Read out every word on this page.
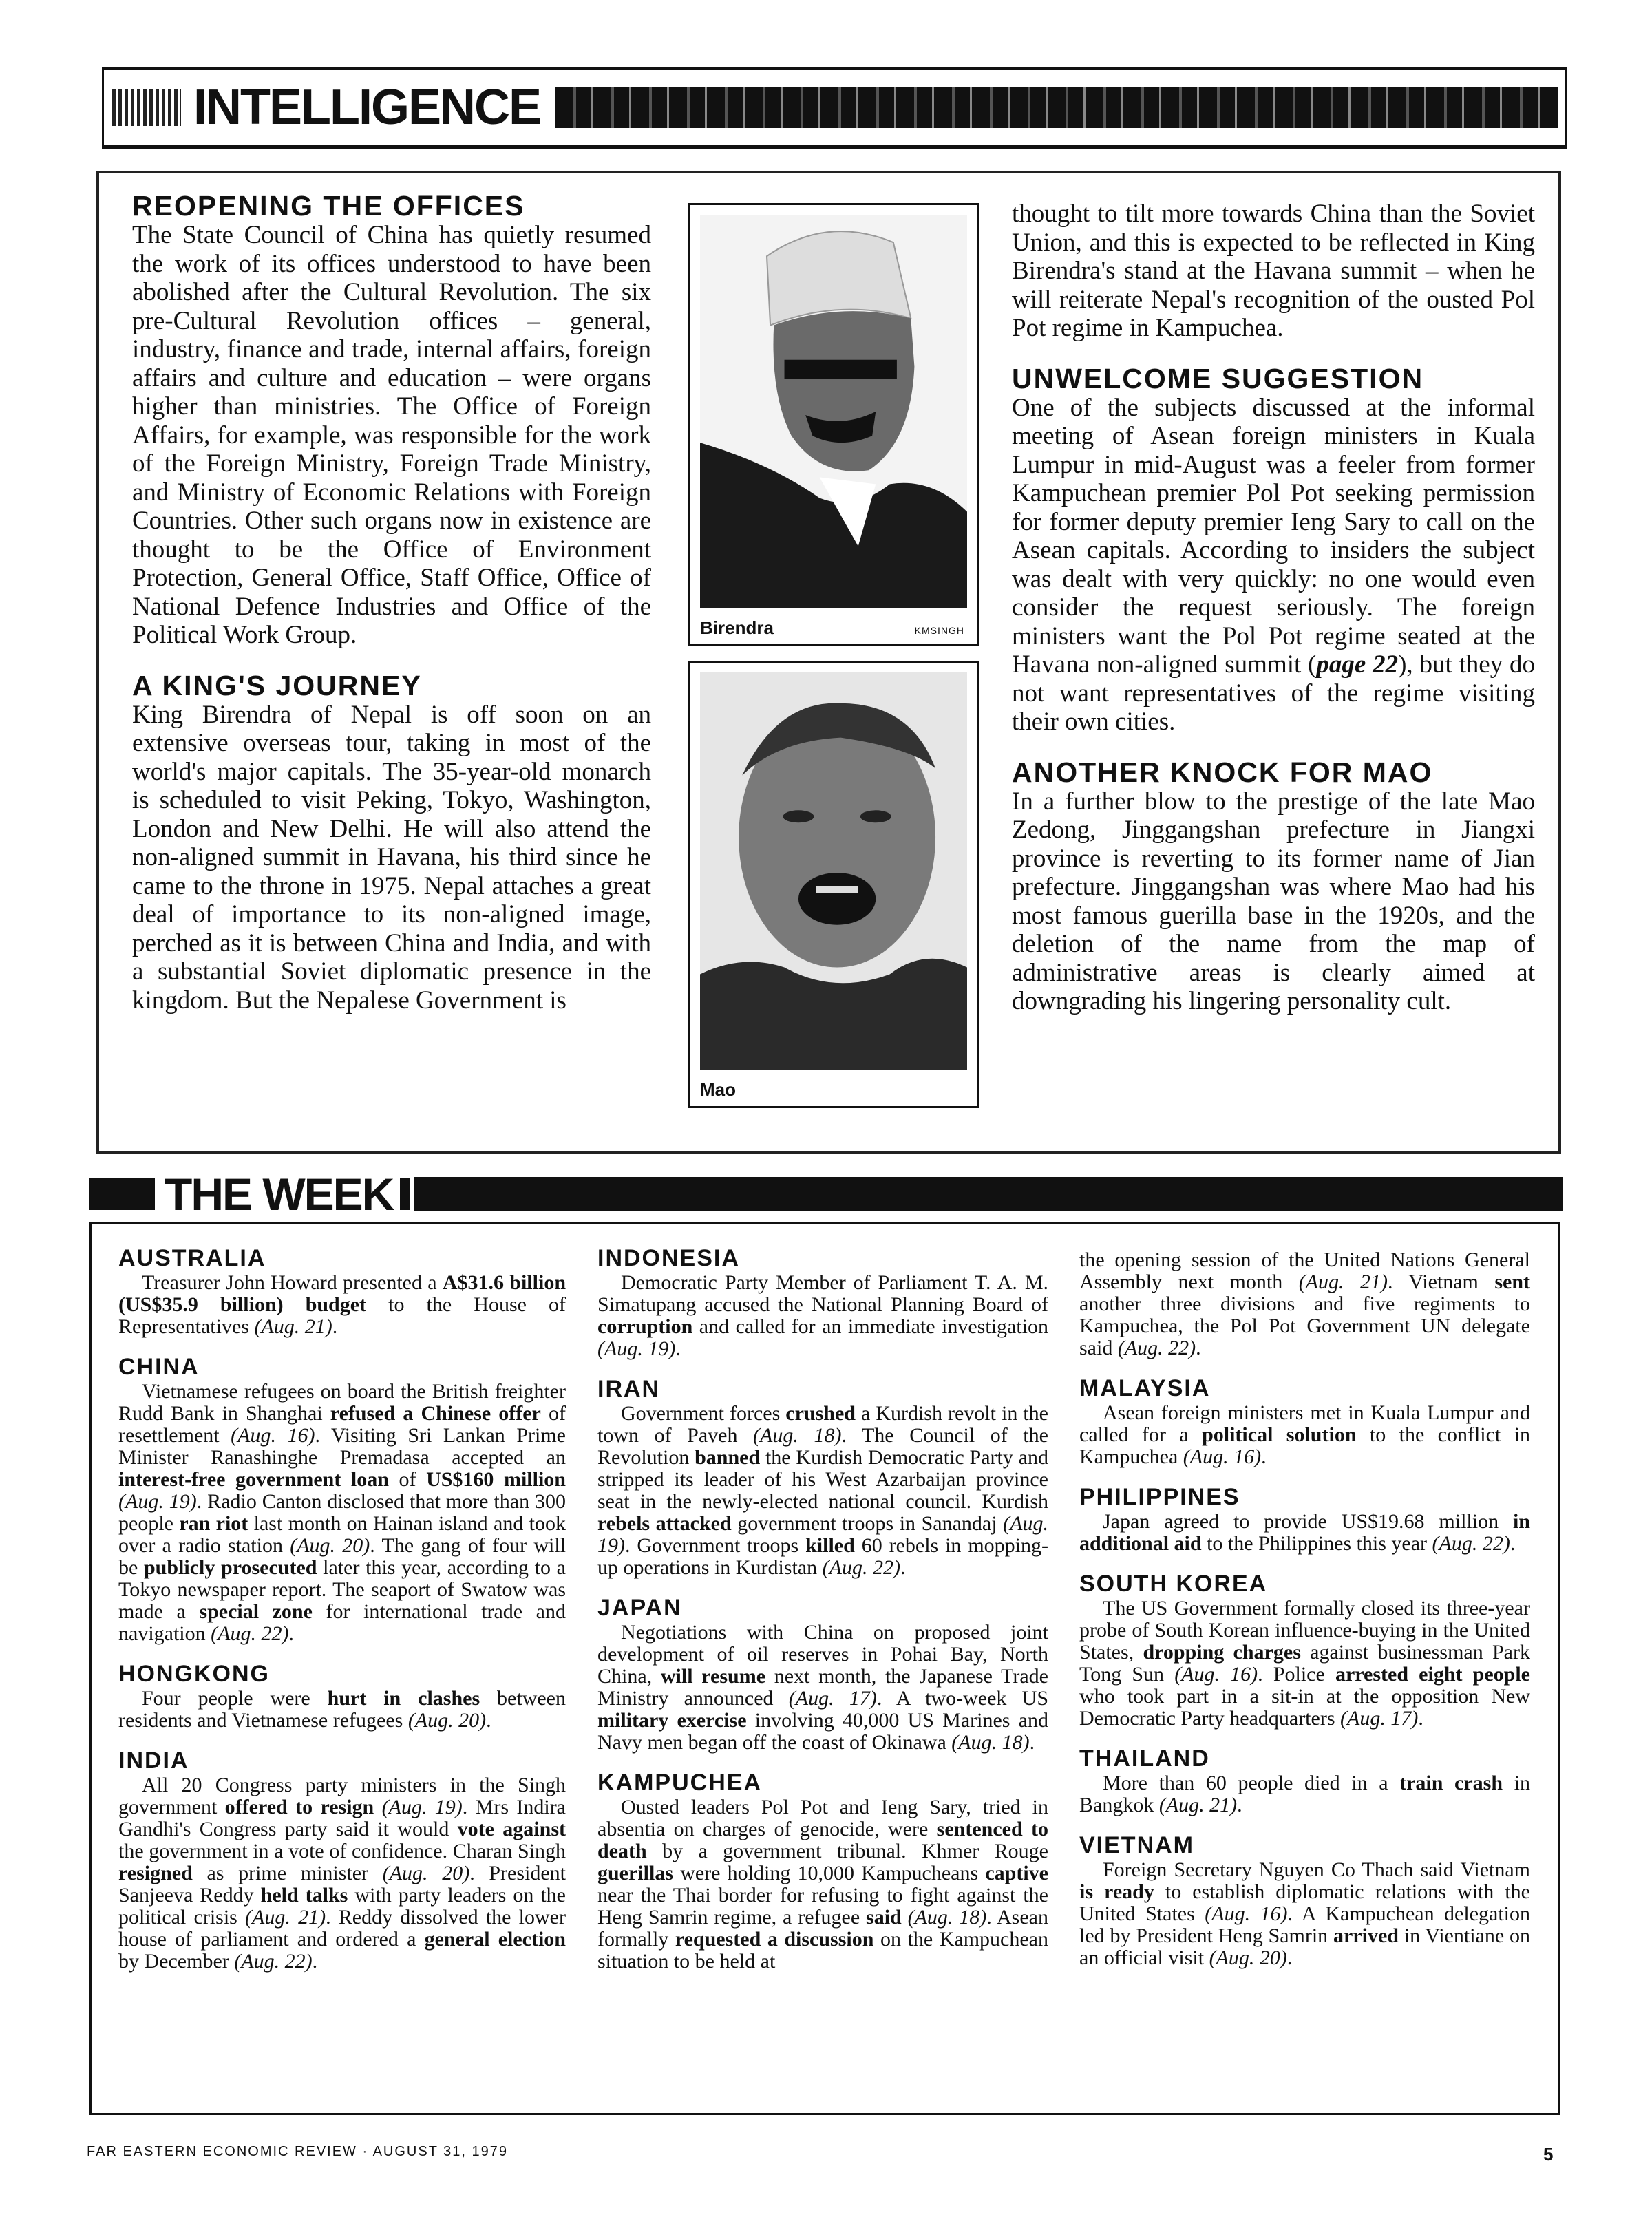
INTELLIGENCE
REOPENING THE OFFICES

The State Council of China has quietly resumed the work of its offices understood to have been abolished after the Cultural Revolution. The six pre-Cultural Revolution offices – general, industry, finance and trade, internal affairs, foreign affairs and culture and education – were organs higher than ministries. The Office of Foreign Affairs, for example, was responsible for the work of the Foreign Ministry, Foreign Trade Ministry, and Ministry of Economic Relations with Foreign Countries. Other such organs now in existence are thought to be the Office of Environment Protection, General Office, Staff Office, Office of National Defence Industries and Office of the Political Work Group.

A KING'S JOURNEY

King Birendra of Nepal is off soon on an extensive overseas tour, taking in most of the world's major capitals. The 35-year-old monarch is scheduled to visit Peking, Tokyo, Washington, London and New Delhi. He will also attend the non-aligned summit in Havana, his third since he came to the throne in 1975. Nepal attaches a great deal of importance to its non-aligned image, perched as it is between China and India, and with a substantial Soviet diplomatic presence in the kingdom. But the Nepalese Government is

Birendra	KMSINGH
Mao

thought to tilt more towards China than the Soviet Union, and this is expected to be reflected in King Birendra's stand at the Havana summit – when he will reiterate Nepal's recognition of the ousted Pol Pot regime in Kampuchea.

UNWELCOME SUGGESTION

One of the subjects discussed at the informal meeting of Asean foreign ministers in Kuala Lumpur in mid-August was a feeler from former Kampuchean premier Pol Pot seeking permission for former deputy premier Ieng Sary to call on the Asean capitals. According to insiders the subject was dealt with very quickly: no one would even consider the request seriously. The foreign ministers want the Pol Pot regime seated at the Havana non-aligned summit (page 22), but they do not want representatives of the regime visiting their own cities.

ANOTHER KNOCK FOR MAO

In a further blow to the prestige of the late Mao Zedong, Jinggangshan prefecture in Jiangxi province is reverting to its former name of Jian prefecture. Jinggangshan was where Mao had his most famous guerilla base in the 1920s, and the deletion of the name from the map of administrative areas is clearly aimed at downgrading his lingering personality cult.

THE WEEK
AUSTRALIA

Treasurer John Howard presented a A$31.6 billion (US$35.9 billion) budget to the House of Representatives (Aug. 21).

CHINA

Vietnamese refugees on board the British freighter Rudd Bank in Shanghai refused a Chinese offer of resettlement (Aug. 16). Visiting Sri Lankan Prime Minister Ranashinghe Premadasa accepted an interest-free government loan of US$160 million (Aug. 19). Radio Canton disclosed that more than 300 people ran riot last month on Hainan island and took over a radio station (Aug. 20). The gang of four will be publicly prosecuted later this year, according to a Tokyo newspaper report. The seaport of Swatow was made a special zone for international trade and navigation (Aug. 22).

HONGKONG

Four people were hurt in clashes between residents and Vietnamese refugees (Aug. 20).

INDIA

All 20 Congress party ministers in the Singh government offered to resign (Aug. 19). Mrs Indira Gandhi's Congress party said it would vote against the government in a vote of confidence. Charan Singh resigned as prime minister (Aug. 20). President Sanjeeva Reddy held talks with party leaders on the political crisis (Aug. 21). Reddy dissolved the lower house of parliament and ordered a general election by December (Aug. 22).

INDONESIA

Democratic Party Member of Parliament T. A. M. Simatupang accused the National Planning Board of corruption and called for an immediate investigation (Aug. 19).

IRAN

Government forces crushed a Kurdish revolt in the town of Paveh (Aug. 18). The Council of the Revolution banned the Kurdish Democratic Party and stripped its leader of his West Azarbaijan province seat in the newly-elected national council. Kurdish rebels attacked government troops in Sanandaj (Aug. 19). Government troops killed 60 rebels in mopping-up operations in Kurdistan (Aug. 22).

JAPAN

Negotiations with China on proposed joint development of oil reserves in Pohai Bay, North China, will resume next month, the Japanese Trade Ministry announced (Aug. 17). A two-week US military exercise involving 40,000 US Marines and Navy men began off the coast of Okinawa (Aug. 18).

KAMPUCHEA

Ousted leaders Pol Pot and Ieng Sary, tried in absentia on charges of genocide, were sentenced to death by a government tribunal. Khmer Rouge guerillas were holding 10,000 Kampucheans captive near the Thai border for refusing to fight against the Heng Samrin regime, a refugee said (Aug. 18). Asean formally requested a discussion on the Kampuchean situation to be held at

the opening session of the United Nations General Assembly next month (Aug. 21). Vietnam sent another three divisions and five regiments to Kampuchea, the Pol Pot Government UN delegate said (Aug. 22).

MALAYSIA

Asean foreign ministers met in Kuala Lumpur and called for a political solution to the conflict in Kampuchea (Aug. 16).

PHILIPPINES

Japan agreed to provide US$19.68 million in additional aid to the Philippines this year (Aug. 22).

SOUTH KOREA

The US Government formally closed its three-year probe of South Korean influence-buying in the United States, dropping charges against businessman Park Tong Sun (Aug. 16). Police arrested eight people who took part in a sit-in at the opposition New Democratic Party headquarters (Aug. 17).

THAILAND

More than 60 people died in a train crash in Bangkok (Aug. 21).

VIETNAM

Foreign Secretary Nguyen Co Thach said Vietnam is ready to establish diplomatic relations with the United States (Aug. 16). A Kampuchean delegation led by President Heng Samrin arrived in Vientiane on an official visit (Aug. 20).

FAR EASTERN ECONOMIC REVIEW · AUGUST 31, 1979	5
